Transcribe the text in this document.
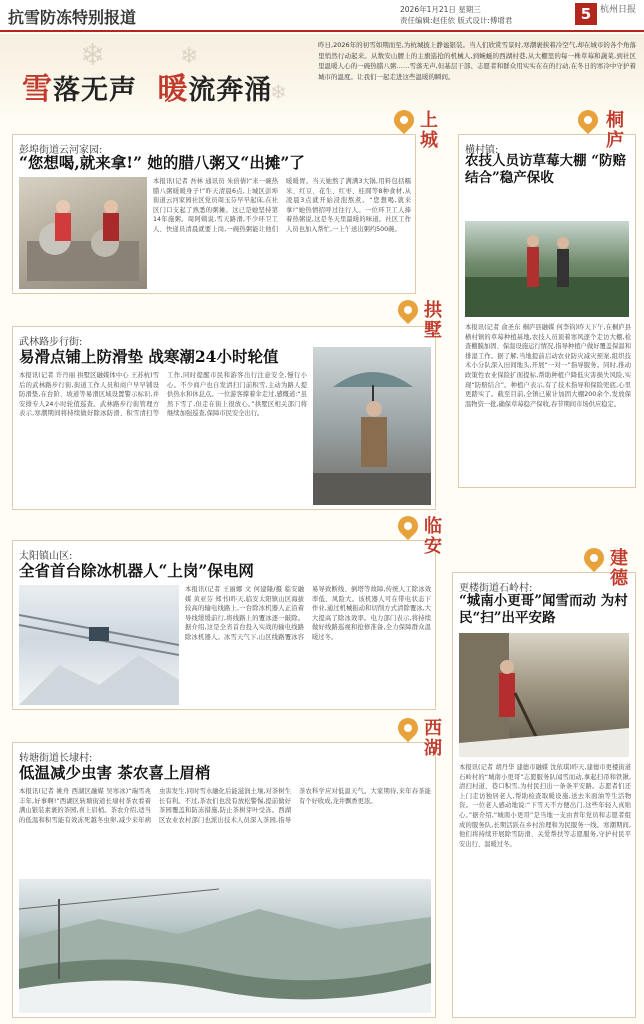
抗雪防冻特别报道	2026年1月21日 星期三
责任编辑:赵佳依 版式设计:傅增君	5 杭州日报
❄	❄
❄
雪落无声 暖流奔涌
昨日,2026年的初雪如期而至,为杭城披上静谧银装。当人们欣赏雪景时,寒潮裹挟着冷空气,却在城市的各个角落里悄然行动起来。从数安山腰上的主旗巡抢的机械人,到蜿蜒的西湖村巷,从大棚里的每一株草莓和蔬菜,到社区里温暖人心的一碗热腊八粥……雪落无声,但基层干部、志愿者和群众用实实在在的行动,在冬日的寒冷中守护着城市的温度。让我们一起走进这些温暖的瞬间。
彭埠街道云河家园:
“您想喝,就来拿!” 她的腊八粥又“出摊”了
本报讯(记者 吾林 通讯员 朱倍倩)“来一碗热腊八粥暖暖身子!”昨天清晨6点,上城区彭埠街道云河家园社区党员周玉芬早早起床,在社区门口支起了熟悉的粥摊。这已是她坚持第14年施粥。周阿姨说,雪天路滑,不少环卫工人、快递员清晨就要上岗,一碗热粥能让他们暖暖胃。当天她熬了满满3大锅,用料包括糯米、红豆、花生、红枣、桂圆等8种食材,从凌晨3点就开始浸泡熬煮。“您想喝,就来拿!”她热情招呼过往行人。一位环卫工人捧着热粥说,这是冬天里最暖的味道。社区工作人员也加入帮忙,一上午送出粥约500碗。
上城
横村镇:
农技人员访草莓大棚 “防赔结合”稳产保收
本报讯(记者 俞圣东 桐庐县融媒 何李钧)昨天下午,在桐庐县横村镇的草莓种植基地,农技人员顶着寒风逐个走访大棚,检查棚膜加固、保温设施运行情况,指导种植户做好覆盖保温和排湿工作。据了解,当地提前启动农业防灾减灾预案,组织技术小分队深入田间地头,开展“一对一”指导服务。同时,推动政策性农业保险扩面提标,帮助种植户降低灾害损失风险,实现“防赔结合”。种植户表示,有了技术指导和保险兜底,心里更踏实了。截至目前,全镇已累计加固大棚200余个,发放保温物资一批,确保草莓稳产保收,春节期间市场供应稳定。
桐庐
武林路步行街:
易滑点铺上防滑垫 战寒潮24小时轮值
本报讯(记者 许丹丽 拱墅区融媒体中心 王苏杭)雪后的武林路步行街,街道工作人员和商户早早铺设防滑垫,在台阶、坡道等易滑区域设置警示标识,并安排专人24小时轮值巡查。武林路步行街管理方表示,寒潮期间将持续做好除冰防滑、积雪清扫等工作,同时提醒市民和游客出行注意安全,慢行小心。不少商户也自发清扫门前积雪,主动为路人提供热水和休息点。一位游客撑着伞走过,感慨道:“虽然下雪了,但走在街上很放心。”拱墅区相关部门将继续加强巡查,保障市民安全出行。
拱墅
太阳镇山区:
全省首台除冰机器人“上岗”保电网
本报讯(记者 王丽娜 文 何建隆/摄 临安融媒 黄亚芬 郑书)昨天,临安太阳镇山区海拔较高的输电线路上,一台除冰机器人正沿着导线缓缓前行,将线路上的覆冰逐一敲除。据介绍,这是全省首台投入实战的输电线路除冰机器人。冰雪天气下,山区线路覆冰容易导致断线、倒塔等故障,传统人工除冰效率低、风险大。该机器人可在带电状态下作业,通过机械振动和切削方式清除覆冰,大大提高了除冰效率。电力部门表示,将持续做好线路巡视和抢修准备,全力保障群众温暖过冬。
临安
更楼街道石岭村:
“城南小更哥”闻雪而动 为村民“扫”出平安路
本报讯(记者 胡丹华 建德市融媒 沈依琪)昨天,建德市更楼街道石岭村的“城南小更哥”志愿服务队闻雪而动,拿起扫帚和铁锹,清扫村道、巷口积雪,为村民扫出一条条平安路。志愿者们还上门走访独居老人,帮助检查取暖设施,送去米面油等生活物资。一位老人感动地说:“下雪天不方便出门,这些年轻人真贴心。”据介绍,“城南小更哥”是当地一支由青年党员和志愿者组成的服务队,长期活跃在乡村治理和为民服务一线。寒潮期间,他们将持续开展除雪防滑、关爱帮扶等志愿服务,守护村民平安出行、温暖过冬。
建德
转塘街道长埭村:
低温减少虫害 茶农喜上眉梢
本报讯(记者 姚舟 西湖区融媒 吴寒冰)“瑞雪兆丰年,好事啊!”西湖区转塘街道长埭村茶农看着满山银装素裹的茶园,喜上眉梢。茶农介绍,适当的低温和积雪能有效冻死越冬虫卵,减少来年病虫害发生,同时雪水融化后能滋润土壤,对茶树生长有利。不过,茶农们也没有放松警惕,提前做好茶园覆盖和防冻措施,防止茶树芽叶受冻。西湖区农业农村部门也派出技术人员深入茶园,指导茶农科学应对低温天气。大家期待,来年春茶能有个好收成,龙井飘香更浓。
西湖
